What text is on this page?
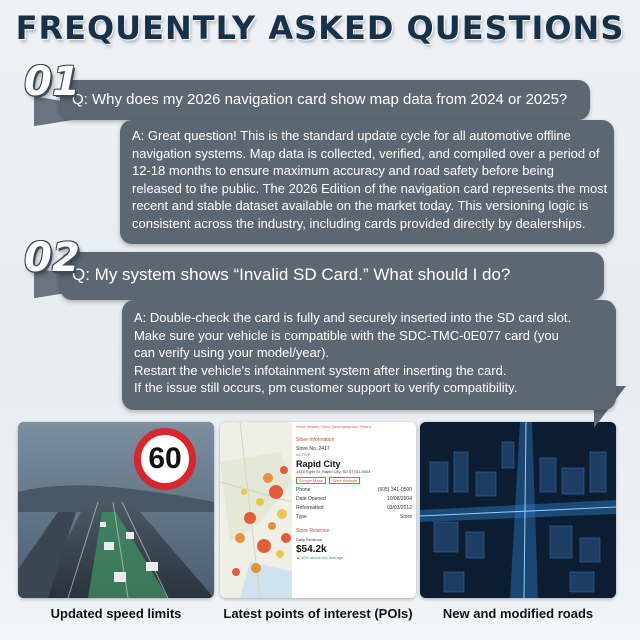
FREQUENTLY ASKED QUESTIONS
01
Q: Why does my 2026 navigation card show map data from 2024 or 2025?
A: Great question! This is the standard update cycle for all automotive offline
navigation systems. Map data is collected, verified, and compiled over a period of
12-18 months to ensure maximum accuracy and road safety before being
released to the public. The 2026 Edition of the navigation card represents the most
recent and stable dataset available on the market today. This versioning logic is
consistent across the industry, including cards provided directly by dealerships.
02
Q: My system shows “Invalid SD Card.” What should I do?
A: Double-check the card is fully and securely inserted into the SD card slot.
Make sure your vehicle is compatible with the SDC-TMC-0E077 card (you
can verify using your model/year).
Restart the vehicle's infotainment system after inserting the card.
If the issue still occurs, pm customer support to verify compatibility.
60
Store Details Store Demographics Filters
Store Information
Store No. 2417
ACTIVE
Rapid City
1415 Eglin St, Rapid City, SD 57701-5004
Google Maps Store Website
Phone	(605) 341-0500
Date Opened	10/08/2004
Reformatted	03/03/2012
Type	Store
Store Revenue
Daily Revenue
$54.2k
▲ 10% above the average
Updated speed limits	Latest points of interest (POIs)	New and modified roads
